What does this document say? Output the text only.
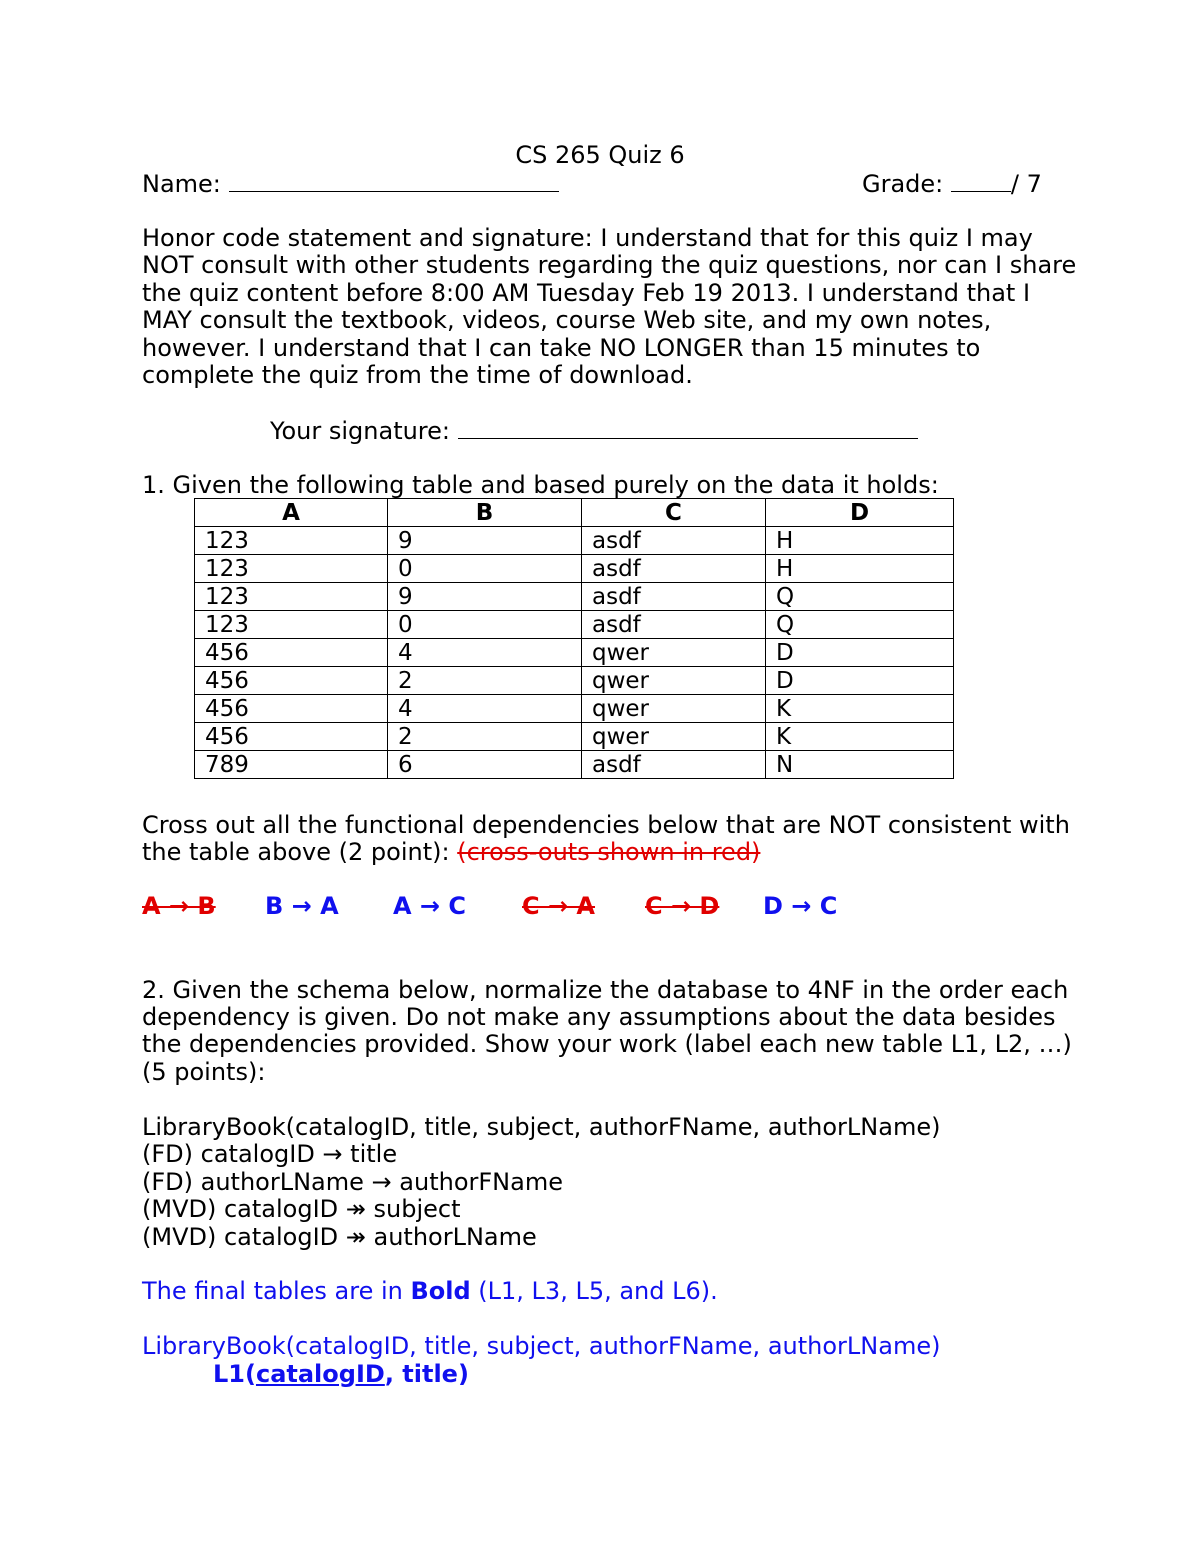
CS 265 Quiz 6
Name:	Grade:	/ 7
Honor code statement and signature: I understand that for this quiz I may
NOT consult with other students regarding the quiz questions, nor can I share
the quiz content before 8:00 AM Tuesday Feb 19 2013. I understand that I
MAY consult the textbook, videos, course Web site, and my own notes,
however. I understand that I can take NO LONGER than 15 minutes to
complete the quiz from the time of download.
Your signature:
1. Given the following table and based purely on the data it holds:
A	B	C	D
123	9	asdf	H
123	0	asdf	H
123	9	asdf	Q
123	0	asdf	Q
456	4	qwer	D
456	2	qwer	D
456	4	qwer	K
456	2	qwer	K
789	6	asdf	N
Cross out all the functional dependencies below that are NOT consistent with
the table above (2 point): (cross-outs shown in red)
A → B B → A A → C C → A C → D D → C
2. Given the schema below, normalize the database to 4NF in the order each
dependency is given. Do not make any assumptions about the data besides
the dependencies provided. Show your work (label each new table L1, L2, …)
(5 points):
LibraryBook(catalogID, title, subject, authorFName, authorLName)
(FD) catalogID → title
(FD) authorLName → authorFName
(MVD) catalogID ↠ subject
(MVD) catalogID ↠ authorLName
The final tables are in Bold (L1, L3, L5, and L6).
LibraryBook(catalogID, title, subject, authorFName, authorLName)
L1(catalogID, title)
